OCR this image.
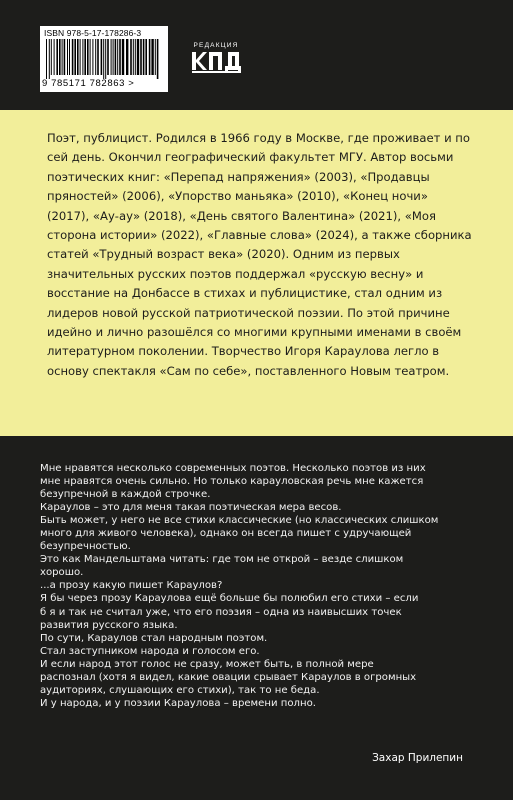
ISBN 978-5-17-178286-3
9 785171 782863 >
РЕДАКЦИЯ

Поэт, публицист. Родился в 1966 году в Москве, где проживает и по сей день. Окончил географический факультет МГУ. Автор восьми поэтических книг: «Перепад напряжения» (2003), «Продавцы пряностей» (2006), «Упорство маньяка» (2010), «Конец ночи» (2017), «Ау-ау» (2018), «День святого Валентина» (2021), «Моя сторона истории» (2022), «Главные слова» (2024), а также сборника статей «Трудный возраст века» (2020). Одним из первых значительных русских поэтов поддержал «русскую весну» и восстание на Донбассе в стихах и публицистике, стал одним из лидеров новой русской патриотической поэзии. По этой причине идейно и лично разошёлся со многими крупными именами в своём литературном поколении. Творчество Игоря Караулова легло в основу спектакля «Сам по себе», поставленного Новым театром.

Мне нравятся несколько современных поэтов. Несколько поэтов из них
мне нравятся очень сильно. Но только карауловская речь мне кажется
безупречной в каждой строчке.
Караулов – это для меня такая поэтическая мера весов.
Быть может, у него не все стихи классические (но классических слишком
много для живого человека), однако он всегда пишет с удручающей
безупречностью.
Это как Мандельштама читать: где том не открой – везде слишком
хорошо.
...а прозу какую пишет Караулов?
Я бы через прозу Караулова ещё больше бы полюбил его стихи – если
б я и так не считал уже, что его поэзия – одна из наивысших точек
развития русского языка.
По сути, Караулов стал народным поэтом.
Стал заступником народа и голосом его.
И если народ этот голос не сразу, может быть, в полной мере
распознал (хотя я видел, какие овации срывает Караулов в огромных
аудиториях, слушающих его стихи), так то не беда.
И у народа, и у поэзии Караулова – времени полно.
Захар Прилепин
